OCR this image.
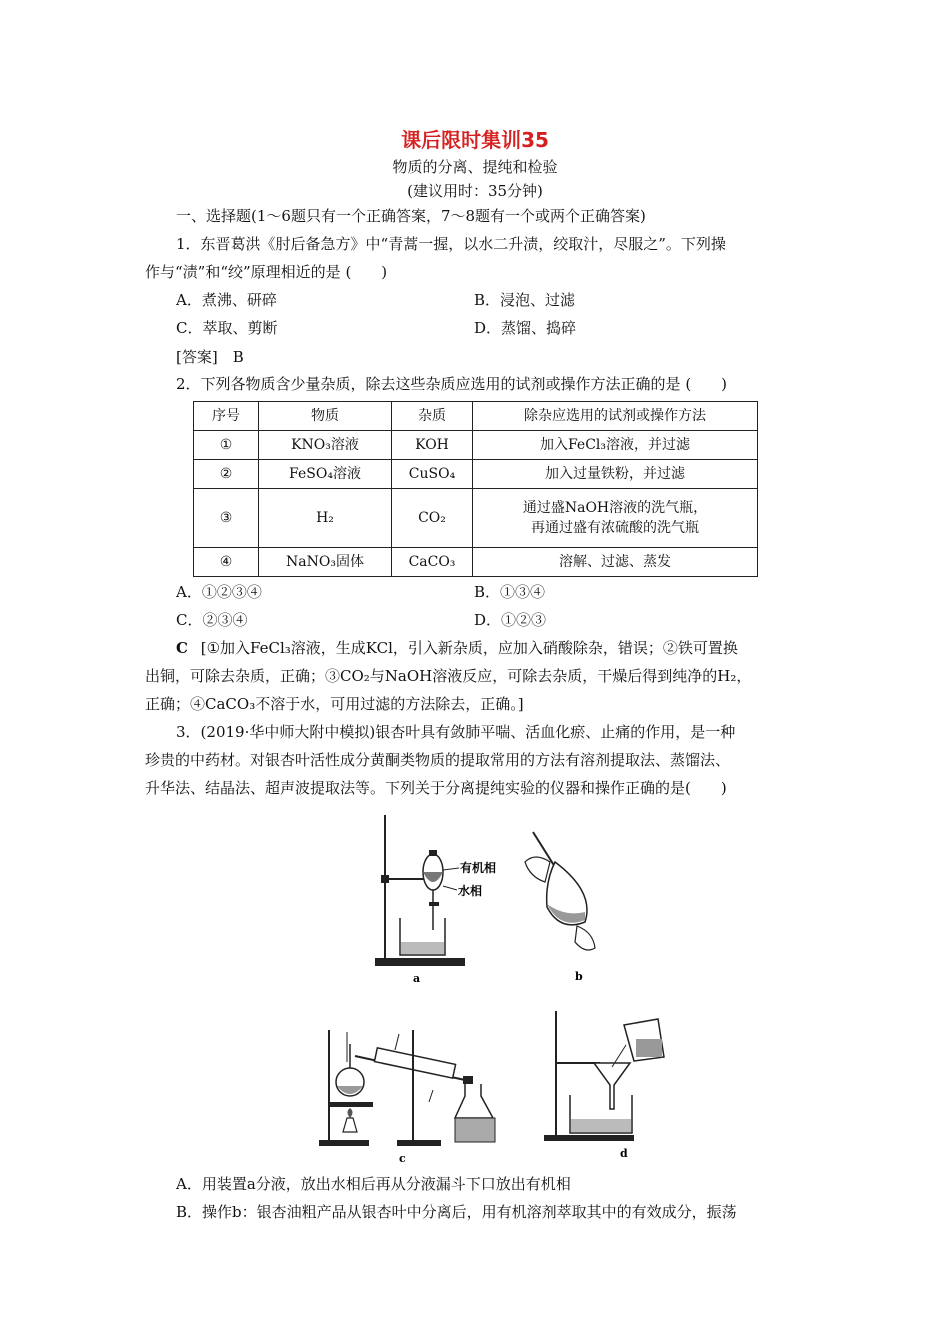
课后限时集训35
物质的分离、提纯和检验
(建议用时：35分钟)
一、选择题(1～6题只有一个正确答案，7～8题有一个或两个正确答案)
1．东晋葛洪《肘后备急方》中“青蒿一握，以水二升渍，绞取汁，尽服之”。下列操
作与“渍”和“绞”原理相近的是 (　　)
A．煮沸、研碎	B．浸泡、过滤
C．萃取、剪断	D．蒸馏、捣碎
[答案]　B
2．下列各物质含少量杂质，除去这些杂质应选用的试剂或操作方法正确的是 (　　)
序号	物质	杂质	除杂应选用的试剂或操作方法
①	KNO₃溶液	KOH	加入FeCl₃溶液，并过滤
②	FeSO₄溶液	CuSO₄	加入过量铁粉，并过滤
③	H₂	CO₂	通过盛NaOH溶液的洗气瓶，
再通过盛有浓硫酸的洗气瓶

④	NaNO₃固体	CaCO₃	溶解、过滤、蒸发
A．①②③④	B．①③④
C．②③④	D．①②③
C [①加入FeCl₃溶液，生成KCl，引入新杂质，应加入硝酸除杂，错误；②铁可置换
出铜，可除去杂质，正确；③CO₂与NaOH溶液反应，可除去杂质，干燥后得到纯净的H₂，
正确；④CaCO₃不溶于水，可用过滤的方法除去，正确。]
3．(2019·华中师大附中模拟)银杏叶具有敛肺平喘、活血化瘀、止痛的作用，是一种
珍贵的中药材。对银杏叶活性成分黄酮类物质的提取常用的方法有溶剂提取法、蒸馏法、
升华法、结晶法、超声波提取法等。下列关于分离提纯实验的仪器和操作正确的是(　　)
有机相
水相
a	b
c	d
A．用装置a分液，放出水相后再从分液漏斗下口放出有机相
B．操作b：银杏油粗产品从银杏叶中分离后，用有机溶剂萃取其中的有效成分，振荡
